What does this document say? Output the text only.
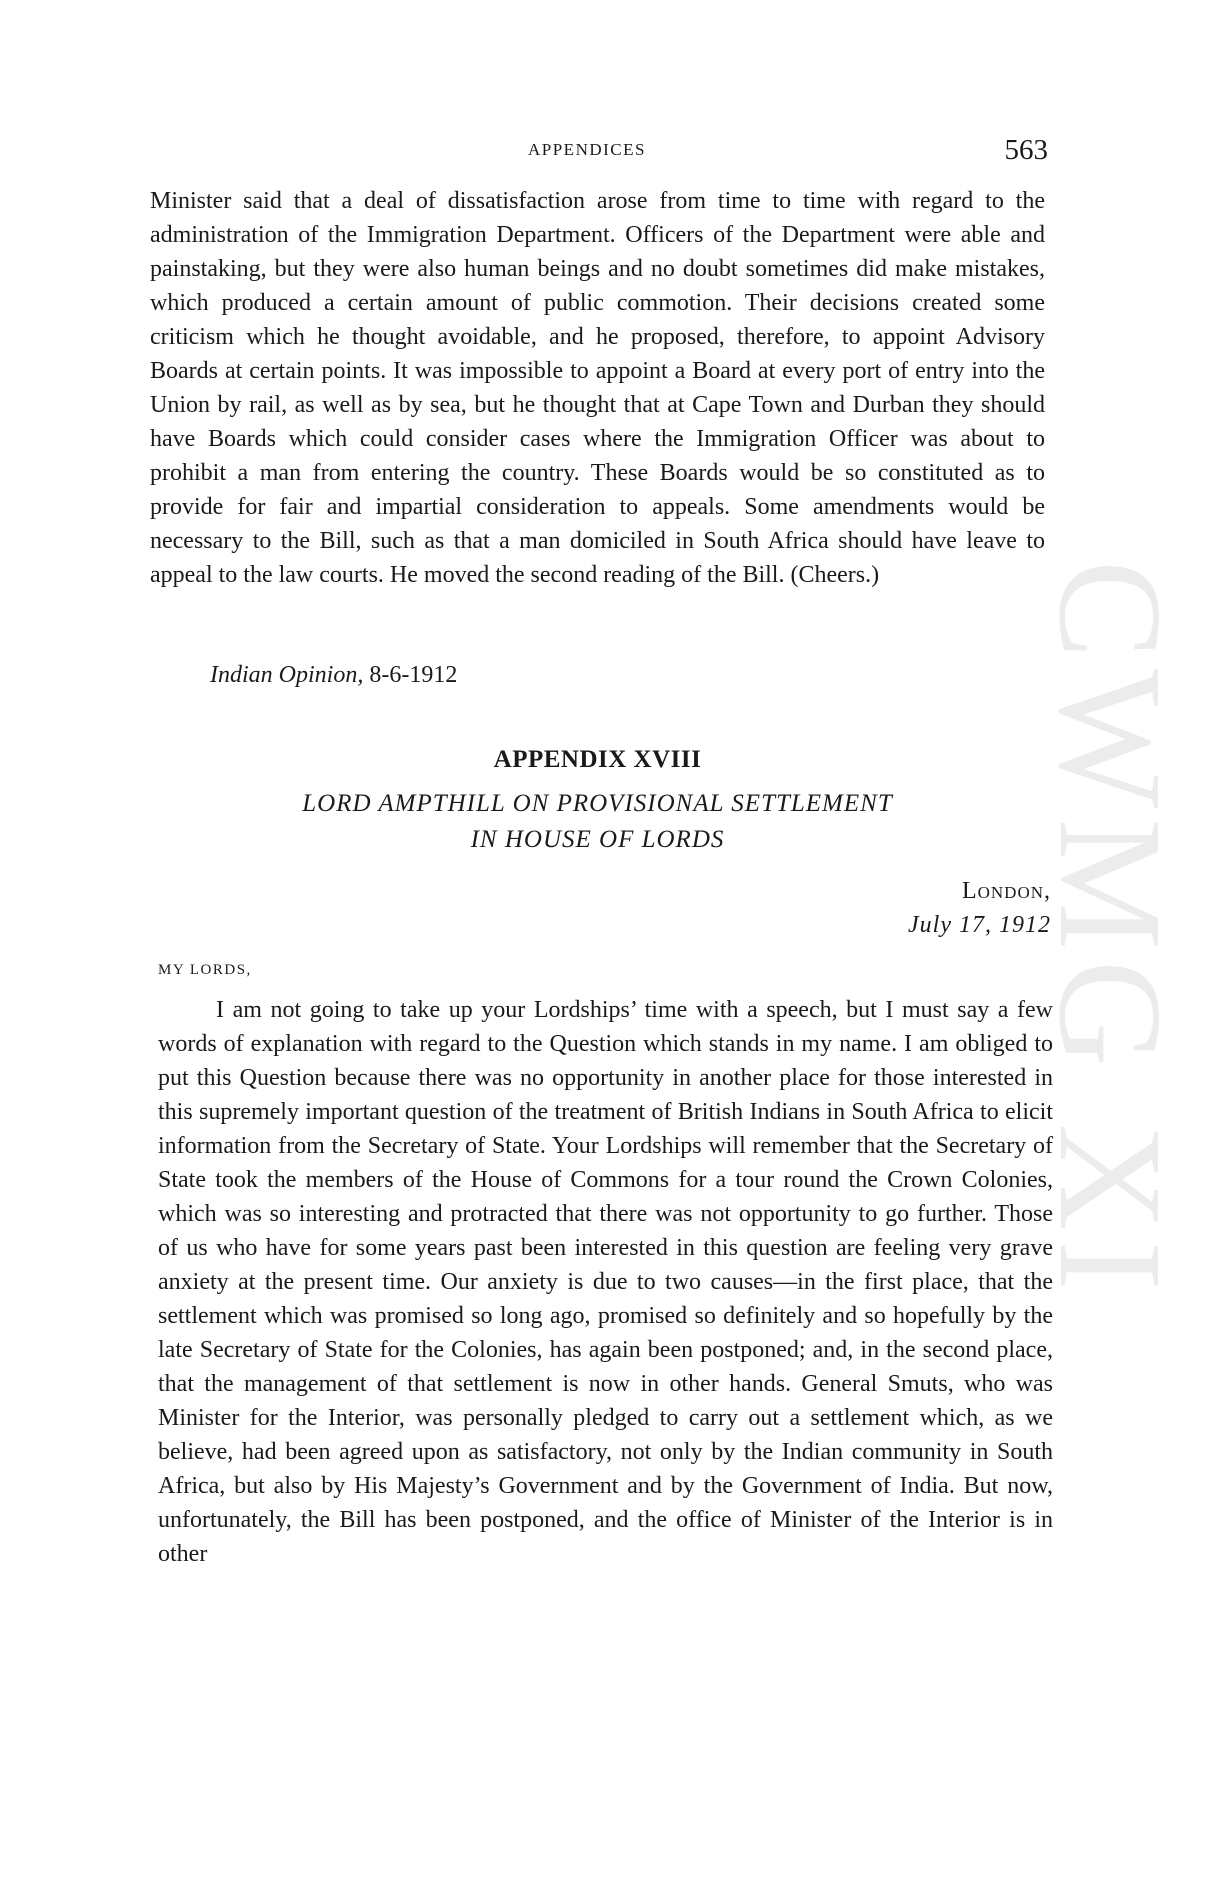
CWMG XI
APPENDICES	563

Minister said that a deal of dissatisfaction arose from time to time with regard to the administration of the Immigration Department. Officers of the Department were able and painstaking, but they were also human beings and no doubt sometimes did make mistakes, which produced a certain amount of public commotion. Their decisions created some criticism which he thought avoidable, and he proposed, therefore, to appoint Advisory Boards at certain points. It was impossible to appoint a Board at every port of entry into the Union by rail, as well as by sea, but he thought that at Cape Town and Durban they should have Boards which could consider cases where the Immigration Officer was about to prohibit a man from entering the country. These Boards would be so constituted as to provide for fair and impartial consideration to appeals. Some amendments would be necessary to the Bill, such as that a man domiciled in South Africa should have leave to appeal to the law courts. He moved the second reading of the Bill. (Cheers.)

Indian Opinion, 8-6-1912
APPENDIX XVIII
LORD AMPTHILL ON PROVISIONAL SETTLEMENT
IN HOUSE OF LORDS
London,
July 17, 1912
MY LORDS,

I am not going to take up your Lordships’ time with a speech, but I must say a few words of explanation with regard to the Question which stands in my name. I am obliged to put this Question because there was no opportunity in another place for those interested in this supremely important question of the treatment of British Indians in South Africa to elicit information from the Secretary of State. Your Lordships will remember that the Secretary of State took the members of the House of Commons for a tour round the Crown Colonies, which was so interesting and protracted that there was not opportunity to go further. Those of us who have for some years past been interested in this question are feeling very grave anxiety at the present time. Our anxiety is due to two causes—in the first place, that the settlement which was promised so long ago, promised so definitely and so hopefully by the late Secretary of State for the Colonies, has again been postponed; and, in the second place, that the management of that settlement is now in other hands. General Smuts, who was Minister for the Interior, was personally pledged to carry out a settlement which, as we believe, had been agreed upon as satisfactory, not only by the Indian community in South Africa, but also by His Majesty’s Government and by the Government of India. But now, unfortunately, the Bill has been postponed, and the office of Minister of the Interior is in other
